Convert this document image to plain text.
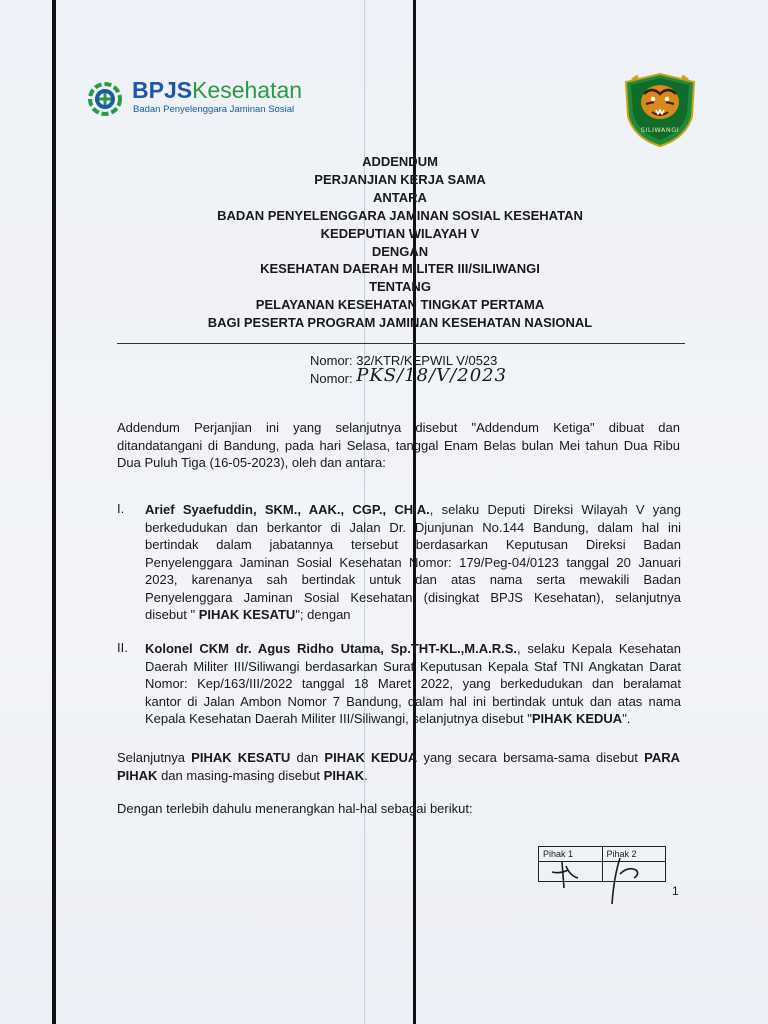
BPJSKesehatan
Badan Penyelenggara Jaminan Sosial
SILIWANGI
ADDENDUM
PERJANJIAN KERJA SAMA
ANTARA
BADAN PENYELENGGARA JAMINAN SOSIAL KESEHATAN
KEDEPUTIAN WILAYAH V
DENGAN
KESEHATAN DAERAH MILITER III/SILIWANGI
TENTANG
PELAYANAN KESEHATAN TINGKAT PERTAMA
BAGI PESERTA PROGRAM JAMINAN KESEHATAN NASIONAL
Nomor: 32/KTR/KEPWIL V/0523
Nomor: PKS/18/V/2023
Addendum Perjanjian ini yang selanjutnya disebut "Addendum Ketiga" dibuat dan
ditandatangani di Bandung, pada hari Selasa, tanggal Enam Belas bulan Mei tahun Dua Ribu
Dua Puluh Tiga (16-05-2023), oleh dan antara:
I. Arief Syaefuddin, SKM., AAK., CGP., CHIA., selaku Deputi Direksi Wilayah V yang
berkedudukan dan berkantor di Jalan Dr. Djunjunan No.144 Bandung, dalam hal ini
bertindak dalam jabatannya tersebut berdasarkan Keputusan Direksi Badan
Penyelenggara Jaminan Sosial Kesehatan Nomor: 179/Peg-04/0123 tanggal 20 Januari
2023, karenanya sah bertindak untuk dan atas nama serta mewakili Badan
Penyelenggara Jaminan Sosial Kesehatan (disingkat BPJS Kesehatan), selanjutnya
disebut " PIHAK KESATU"; dengan
II. Kolonel CKM dr. Agus Ridho Utama, Sp.THT-KL.,M.A.R.S., selaku Kepala Kesehatan
Daerah Militer III/Siliwangi berdasarkan Surat Keputusan Kepala Staf TNI Angkatan Darat
Nomor: Kep/163/III/2022 tanggal 18 Maret 2022, yang berkedudukan dan beralamat
kantor di Jalan Ambon Nomor 7 Bandung, dalam hal ini bertindak untuk dan atas nama
Kepala Kesehatan Daerah Militer III/Siliwangi, selanjutnya disebut "PIHAK KEDUA".
Selanjutnya PIHAK KESATU dan PIHAK KEDUA yang secara bersama-sama disebut PARA
PIHAK dan masing-masing disebut PIHAK.
Dengan terlebih dahulu menerangkan hal-hal sebagai berikut:
Pihak 1	Pihak 2
1
